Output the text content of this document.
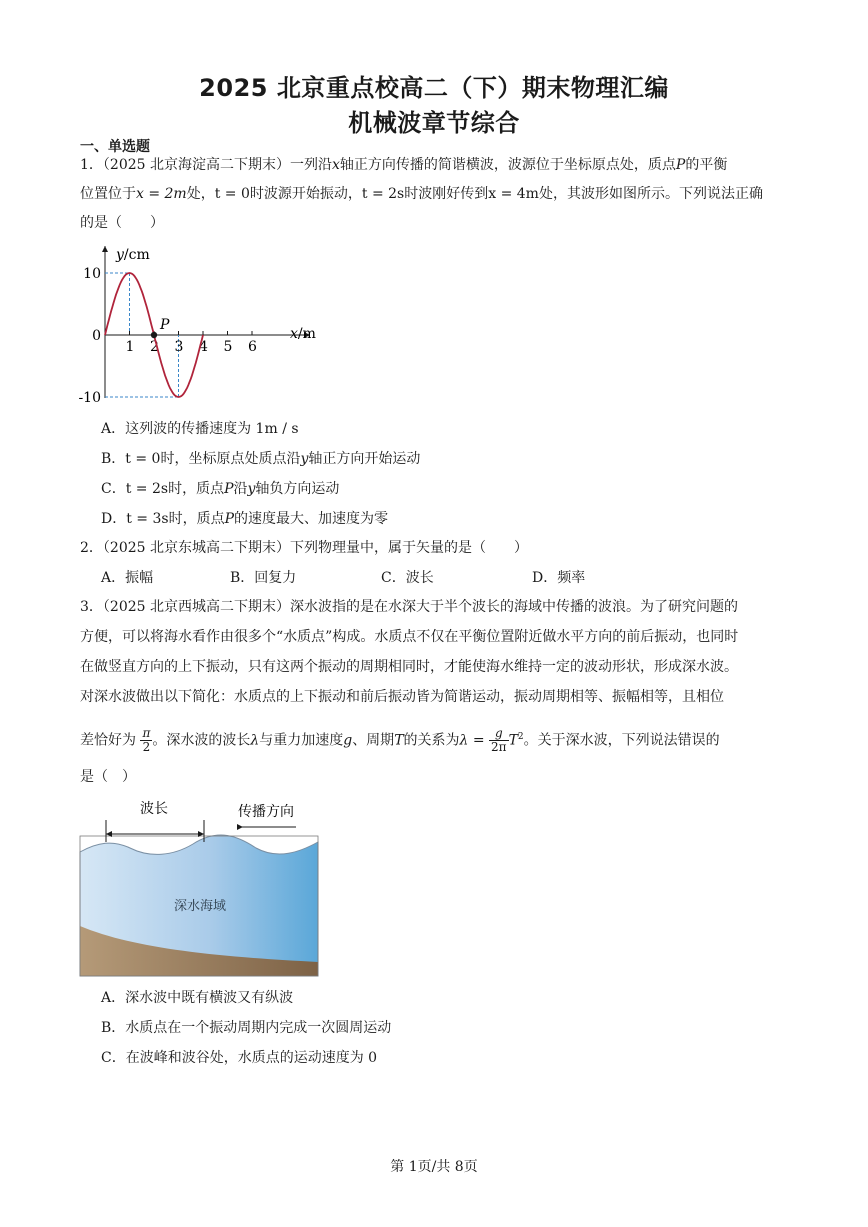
2025 北京重点校高二（下）期末物理汇编
机械波章节综合
一、单选题
1．（2025 北京海淀高二下期末）一列沿x轴正方向传播的简谐横波，波源位于坐标原点处，质点P的平衡
位置位于x = 2m处，t = 0时波源开始振动，t = 2s时波刚好传到x = 4m处，其波形如图所示。下列说法正确
的是（　　）
1 2 3 4 5 6
10
0
-10
P
y/cm
x/m
A．这列波的传播速度为 1m / s
B．t = 0时，坐标原点处质点沿y轴正方向开始运动
C．t = 2s时，质点P沿y轴负方向运动
D．t = 3s时，质点P的速度最大、加速度为零
2．（2025 北京东城高二下期末）下列物理量中，属于矢量的是（　　）
A．振幅	B．回复力	C．波长	D．频率
3．（2025 北京西城高二下期末）深水波指的是在水深大于半个波长的海域中传播的波浪。为了研究问题的
方便，可以将海水看作由很多个“水质点”构成。水质点不仅在平衡位置附近做水平方向的前后振动，也同时
在做竖直方向的上下振动，只有这两个振动的周期相同时，才能使海水维持一定的波动形状，形成深水波。
对深水波做出以下简化：水质点的上下振动和前后振动皆为简谐运动，振动周期相等、振幅相等，且相位
差恰好为 $\frac{\pi}{2}$ 。深水波的波长λ与重力加速度g、周期T的关系为$\lambda = \frac{g}{2\pi} T^2$。关于深水波，下列说法错误的
是（　）
波长	传播方向
深水海域
A．深水波中既有横波又有纵波
B．水质点在一个振动周期内完成一次圆周运动
C．在波峰和波谷处，水质点的运动速度为 0
第 1页/共 8页
